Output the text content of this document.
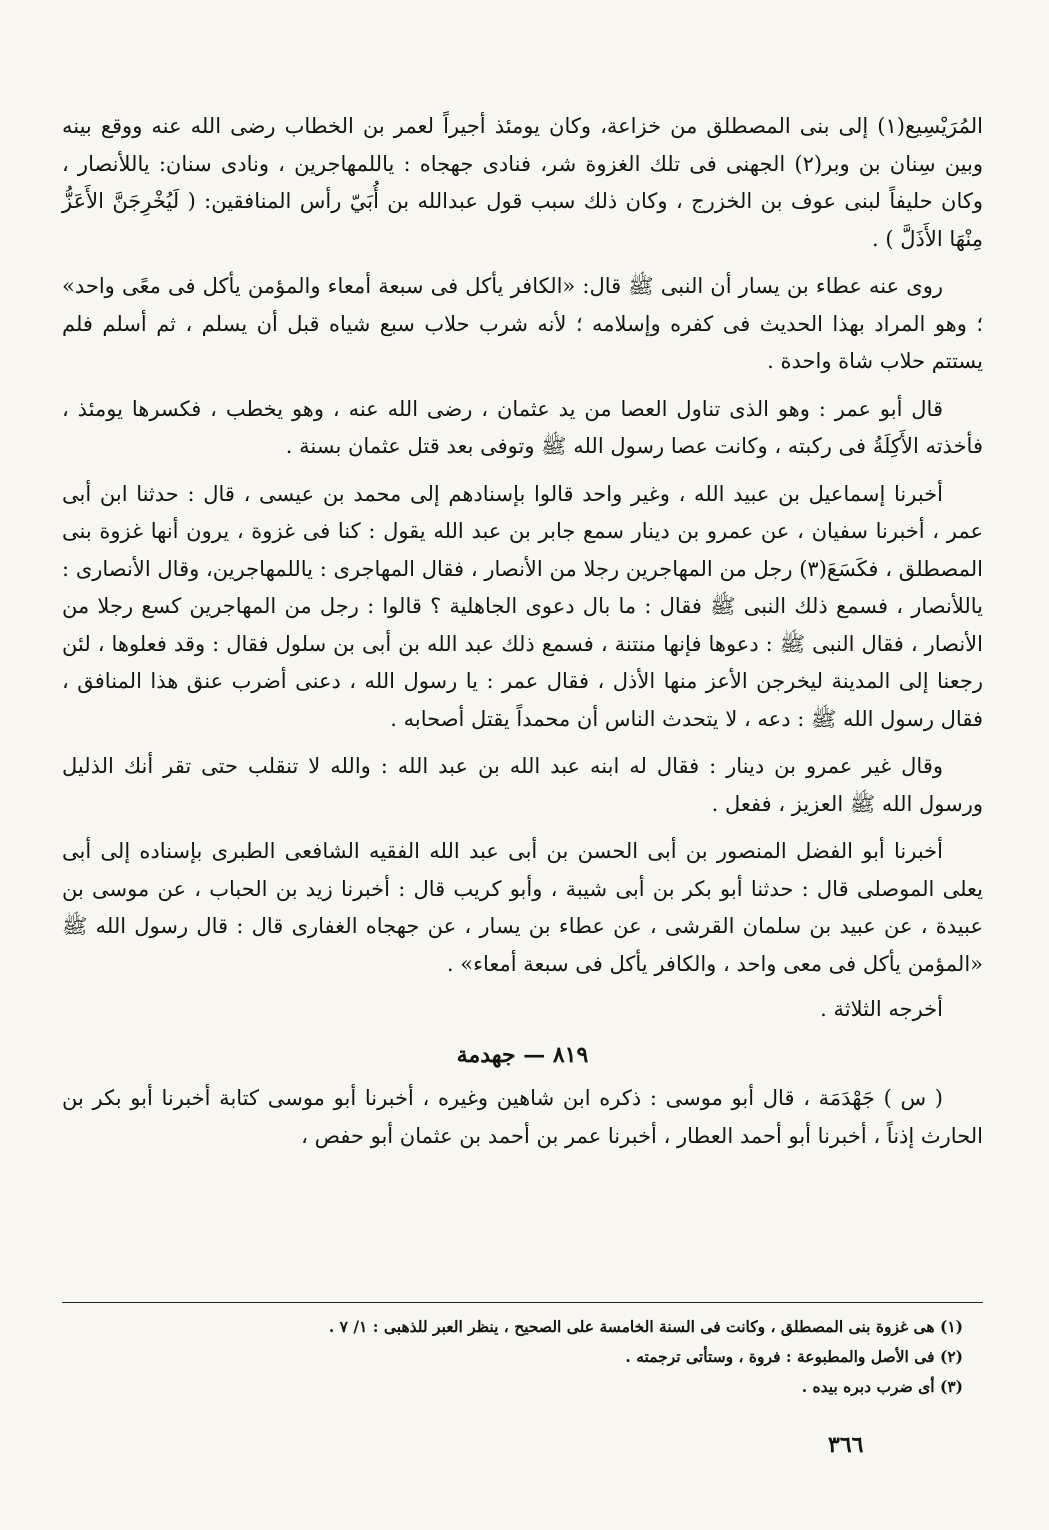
المُرَيْسِيع(١) إلى بنى المصطلق من خزاعة، وكان يومئذ أجيراً لعمر بن الخطاب رضى الله عنه ووقع بينه وبين سِنان بن وبر(٢) الجهنى فى تلك الغزوة شر، فنادى جهجاه : ياللمهاجرين ، ونادى سنان: ياللأنصار ، وكان حليفاً لبنى عوف بن الخزرج ، وكان ذلك سبب قول عبدالله بن أُبَيّ رأس المنافقين: ( لَيُخْرِجَنَّ الأَعَزُّ مِنْهَا الأَذَلَّ ) .

روى عنه عطاء بن يسار أن النبى ﷺ قال: «الكافر يأكل فى سبعة أمعاء والمؤمن يأكل فى معًى واحد» ؛ وهو المراد بهذا الحديث فى كفره وإسلامه ؛ لأنه شرب حلاب سبع شياه قبل أن يسلم ، ثم أسلم فلم يستتم حلاب شاة واحدة .

قال أبو عمر : وهو الذى تناول العصا من يد عثمان ، رضى الله عنه ، وهو يخطب ، فكسرها يومئذ ، فأخذته الأَكِلَةُ فى ركبته ، وكانت عصا رسول الله ﷺ وتوفى بعد قتل عثمان بسنة .

أخبرنا إسماعيل بن عبيد الله ، وغير واحد قالوا بإسنادهم إلى محمد بن عيسى ، قال : حدثنا ابن أبى عمر ، أخبرنا سفيان ، عن عمرو بن دينار سمع جابر بن عبد الله يقول : كنا فى غزوة ، يرون أنها غزوة بنى المصطلق ، فكَسَعَ(٣) رجل من المهاجرين رجلا من الأنصار ، فقال المهاجرى : ياللمهاجرين، وقال الأنصارى : ياللأنصار ، فسمع ذلك النبى ﷺ فقال : ما بال دعوى الجاهلية ؟ قالوا : رجل من المهاجرين كسع رجلا من الأنصار ، فقال النبى ﷺ : دعوها فإنها منتنة ، فسمع ذلك عبد الله بن أبى بن سلول فقال : وقد فعلوها ، لئن رجعنا إلى المدينة ليخرجن الأعز منها الأذل ، فقال عمر : يا رسول الله ، دعنى أضرب عنق هذا المنافق ، فقال رسول الله ﷺ : دعه ، لا يتحدث الناس أن محمداً يقتل أصحابه .

وقال غير عمرو بن دينار : فقال له ابنه عبد الله بن عبد الله : والله لا تنقلب حتى تقر أنك الذليل ورسول الله ﷺ العزيز ، ففعل .

أخبرنا أبو الفضل المنصور بن أبى الحسن بن أبى عبد الله الفقيه الشافعى الطبرى بإسناده إلى أبى يعلى الموصلى قال : حدثنا أبو بكر بن أبى شيبة ، وأبو كريب قال : أخبرنا زيد بن الحباب ، عن موسى بن عبيدة ، عن عبيد بن سلمان القرشى ، عن عطاء بن يسار ، عن جهجاه الغفارى قال : قال رسول الله ﷺ «المؤمن يأكل فى معى واحد ، والكافر يأكل فى سبعة أمعاء» .

أخرجه الثلاثة .

٨١٩ — جهدمة

( س ) جَهْدَمَة ، قال أبو موسى : ذكره ابن شاهين وغيره ، أخبرنا أبو موسى كتابة أخبرنا أبو بكر بن الحارث إذناً ، أخبرنا أبو أحمد العطار ، أخبرنا عمر بن أحمد بن عثمان أبو حفص ،

(١) هى غزوة بنى المصطلق ، وكانت فى السنة الخامسة على الصحيح ، ينظر العبر للذهبى : ١/ ٧ .

(٢) فى الأصل والمطبوعة : فروة ، وستأتى ترجمته .

(٣) أى ضرب دبره بيده .

٣٦٦
